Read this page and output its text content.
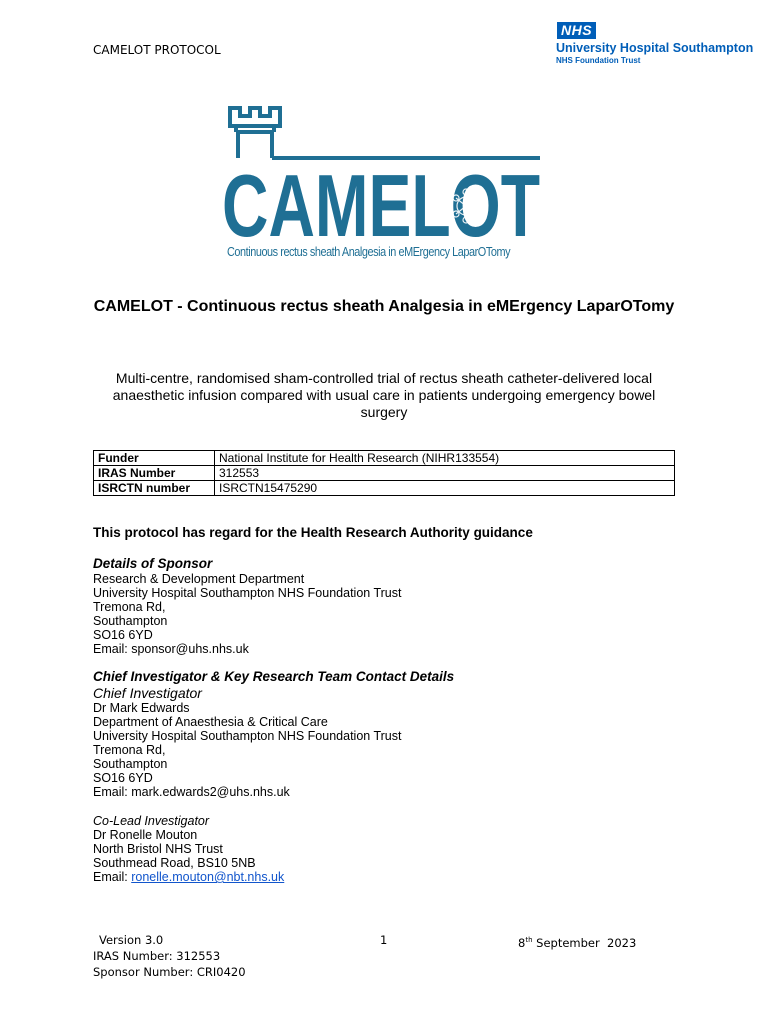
CAMELOT PROTOCOL
NHS
University Hospital Southampton
NHS Foundation Trust
CAMELOT
Continuous rectus sheath Analgesia in eMErgency LaparOTomy
CAMELOT - Continuous rectus sheath Analgesia in eMErgency LaparOTomy
Multi-centre, randomised sham-controlled trial of rectus sheath catheter-delivered local anaesthetic infusion compared with usual care in patients undergoing emergency bowel surgery
Funder	National Institute for Health Research (NIHR133554)
IRAS Number	312553
ISRCTN number	ISRCTN15475290
This protocol has regard for the Health Research Authority guidance
Details of Sponsor
Research & Development Department
University Hospital Southampton NHS Foundation Trust
Tremona Rd,
Southampton
SO16 6YD
Email: sponsor@uhs.nhs.uk
Chief Investigator & Key Research Team Contact Details
Chief Investigator
Dr Mark Edwards
Department of Anaesthesia & Critical Care
University Hospital Southampton NHS Foundation Trust
Tremona Rd,
Southampton
SO16 6YD
Email: mark.edwards2@uhs.nhs.uk
Co-Lead Investigator
Dr Ronelle Mouton
North Bristol NHS Trust
Southmead Road, BS10 5NB
Email: ronelle.mouton@nbt.nhs.uk
Version 3.0	1	8th September  2023
IRAS Number: 312553
Sponsor Number: CRI0420
